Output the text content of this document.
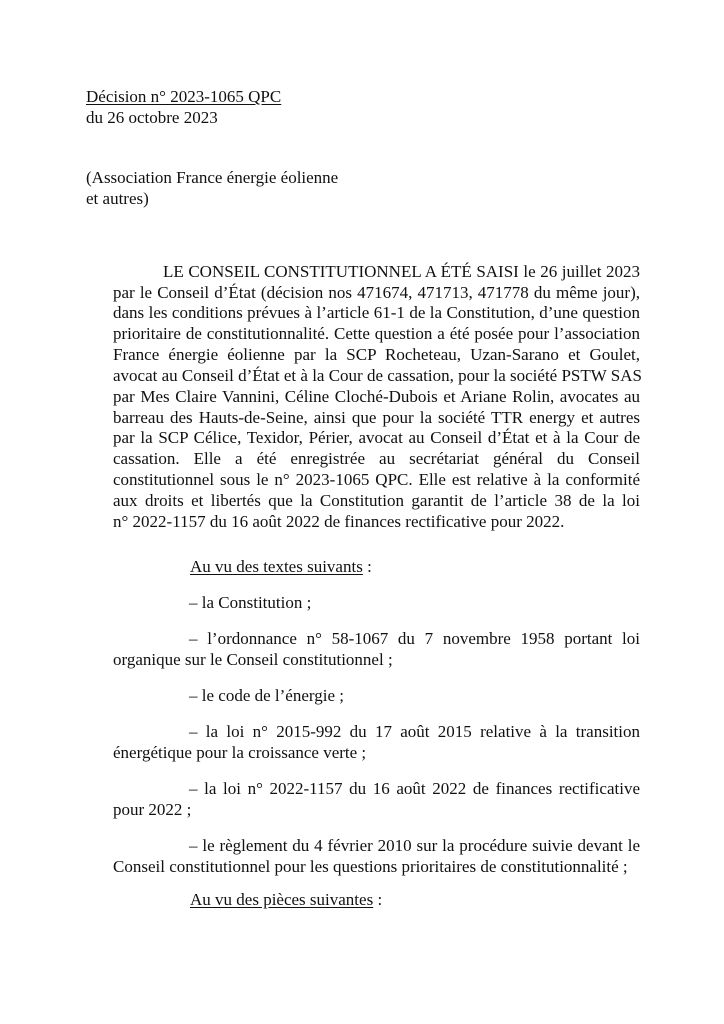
Décision n° 2023-1065 QPC
du 26 octobre 2023
(Association France énergie éolienne
et autres)
LE CONSEIL CONSTITUTIONNEL A ÉTÉ SAISI le 26 juillet 2023
par le Conseil d’État (décision nos 471674, 471713, 471778 du même jour),
dans les conditions prévues à l’article 61-1 de la Constitution, d’une question
prioritaire de constitutionnalité. Cette question a été posée pour l’association
France énergie éolienne par la SCP Rocheteau, Uzan-Sarano et Goulet,
avocat au Conseil d’État et à la Cour de cassation, pour la société PSTW SAS
par Mes Claire Vannini, Céline Cloché-Dubois et Ariane Rolin, avocates au
barreau des Hauts-de-Seine, ainsi que pour la société TTR energy et autres
par la SCP Célice, Texidor, Périer, avocat au Conseil d’État et à la Cour de
cassation. Elle a été enregistrée au secrétariat général du Conseil
constitutionnel sous le n° 2023-1065 QPC. Elle est relative à la conformité
aux droits et libertés que la Constitution garantit de l’article 38 de la loi
n° 2022-1157 du 16 août 2022 de finances rectificative pour 2022.
Au vu des textes suivants :
– la Constitution ;
– l’ordonnance n° 58-1067 du 7 novembre 1958 portant loi
organique sur le Conseil constitutionnel ;
– le code de l’énergie ;
– la loi n° 2015-992 du 17 août 2015 relative à la transition
énergétique pour la croissance verte ;
– la loi n° 2022-1157 du 16 août 2022 de finances rectificative
pour 2022 ;
– le règlement du 4 février 2010 sur la procédure suivie devant le
Conseil constitutionnel pour les questions prioritaires de constitutionnalité ;
Au vu des pièces suivantes :
